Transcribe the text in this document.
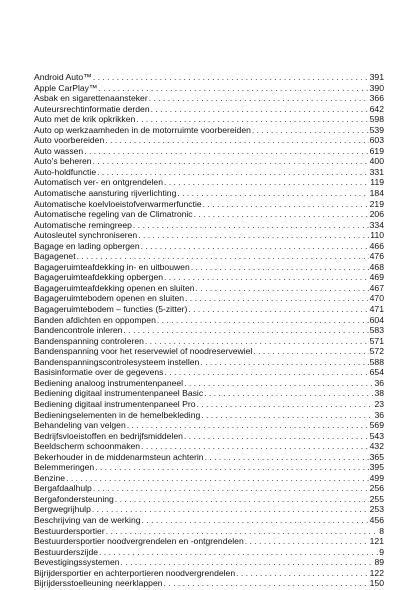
Android Auto™ . . .	391
Apple CarPlay™ . . .	390
Asbak en sigarettenaansteker . . .	366
Auteursrechtinformatie derden . . .	642
Auto met de krik opkrikken . . .	598
Auto op werkzaamheden in de motorruimte voorbereiden . . .	539
Auto voorbereiden . . .	603
Auto wassen . . .	619
Auto's beheren . . .	400
Auto-holdfunctie . . .	331
Automatisch ver- en ontgrendelen . . .	119
Automatische aansturing rijverlichting . . .	184
Automatische koelvloeistofverwarmerfunctie . . .	219
Automatische regeling van de Climatronic . . .	206
Automatische remingreep . . .	334
Autosleutel synchroniseren . . .	110
Bagage en lading opbergen . . .	466
Bagagenet . . .	476
Bagageruimteafdekking in- en uitbouwen . . .	468
Bagageruimteafdekking opbergen . . .	469
Bagageruimteafdekking openen en sluiten . . .	467
Bagageruimtebodem openen en sluiten . . .	470
Bagageruimtebodem – functies (5-zitter) . . .	471
Banden afdichten en oppompen . . .	604
Bandencontrole inleren . . .	583
Bandenspanning controleren . . .	571
Bandenspanning voor het reservewiel of noodreservewiel . . .	572
Bandenspanningscontrolesysteem instellen . . .	588
Basisinformatie over de gegevens . . .	654
Bediening analoog instrumentenpaneel . . .	36
Bediening digitaal instrumentenpaneel Basic . . .	38
Bediening digitaal instrumentenpaneel Pro . . .	23
Bedieningselementen in de hemelbekleding . . .	36
Behandeling van velgen . . .	569
Bedrijfsvloeistoffen en bedrijfsmiddelen . . .	543
Beeldscherm schoonmaken . . .	432
Bekerhouder in de middenarmsteun achterin . . .	365
Belemmeringen . . .	395
Benzine . . .	499
Bergafdaalhulp . . .	256
Bergafondersteuning . . .	255
Bergwegrijhulp . . .	253
Beschrijving van de werking . . .	456
Bestuurdersportier . . .	8
Bestuurdersportier noodvergrendelen en -ontgrendelen . . .	121
Bestuurderszijde . . .	9
Bevestigingssystemen . . .	89
Bijrijdersportier en achterportieren noodvergrendelen . . .	122
Bijrijdersstoelleuning neerklappen . . .	150
